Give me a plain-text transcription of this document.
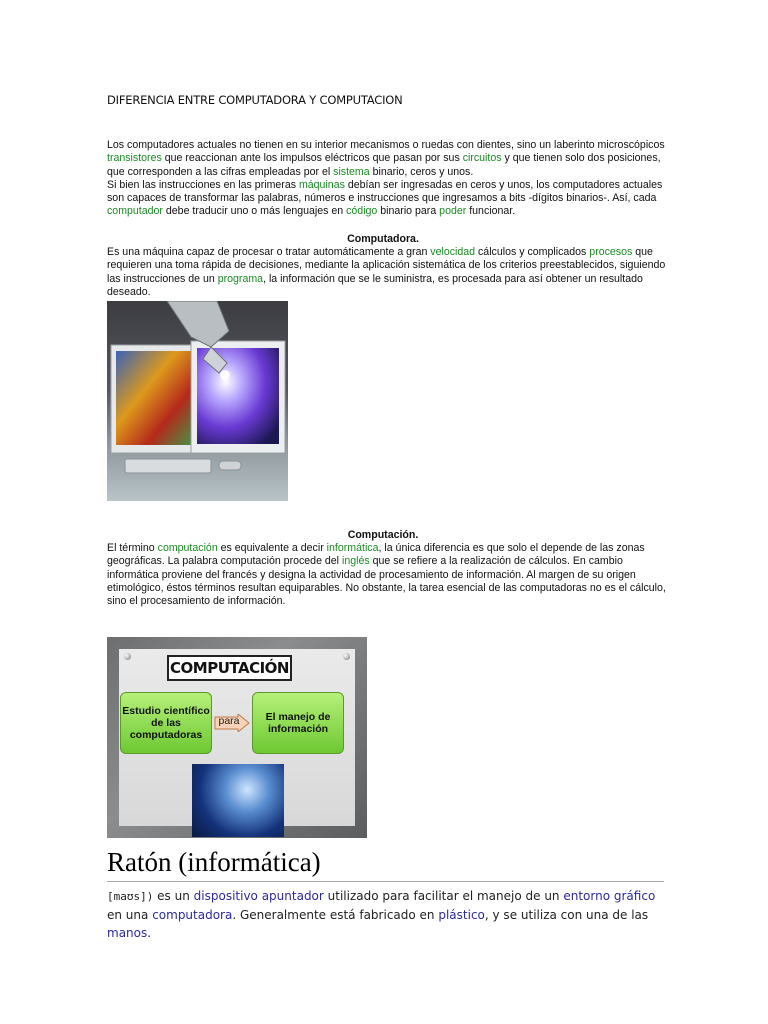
DIFERENCIA ENTRE COMPUTADORA Y COMPUTACION

Los computadores actuales no tienen en su interior mecanismos o ruedas con dientes, sino un laberinto microscópicos transistores que reaccionan ante los impulsos eléctricos que pasan por sus circuitos y que tienen solo dos posiciones, que corresponden a las cifras empleadas por el sistema binario, ceros y unos.
Si bien las instrucciones en las primeras máquinas debían ser ingresadas en ceros y unos, los computadores actuales son capaces de transformar las palabras, números e instrucciones que ingresamos a bits -dígitos binarios-. Así, cada computador debe traducir uno o más lenguajes en código binario para poder funcionar.

Computadora.

Es una máquina capaz de procesar o tratar automáticamente a gran velocidad cálculos y complicados procesos que requieren una toma rápida de decisiones, mediante la aplicación sistemática de los criterios preestablecidos, siguiendo las instrucciones de un programa, la información que se le suministra, es procesada para así obtener un resultado deseado.

Computación.

El término computación es equivalente a decir informática, la única diferencia es que solo el depende de las zonas geográficas. La palabra computación procede del inglés que se refiere a la realización de cálculos. En cambio informática proviene del francés y designa la actividad de procesamiento de información. Al margen de su origen etimológico, éstos términos resultan equiparables. No obstante, la tarea esencial de las computadoras no es el cálculo, sino el procesamiento de información.

COMPUTACIÓN
Estudio científico de las computadoras
para	El manejo de información
Ratón (informática)

[maʊs]) es un dispositivo apuntador utilizado para facilitar el manejo de un entorno gráfico en una computadora. Generalmente está fabricado en plástico, y se utiliza con una de las manos.
